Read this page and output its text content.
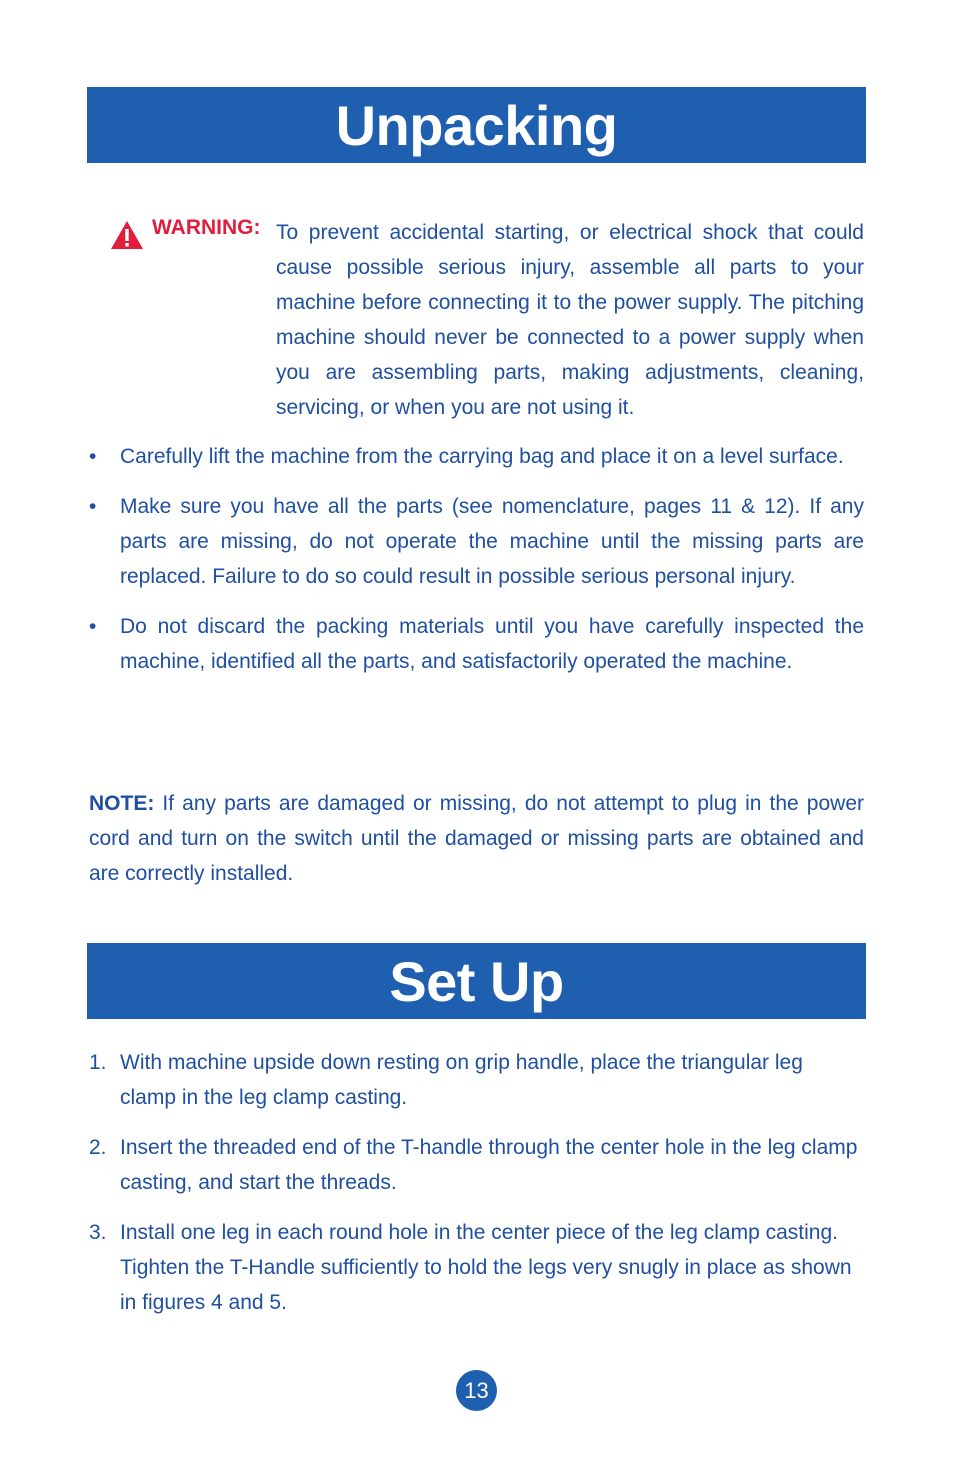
Unpacking
WARNING: To prevent accidental starting, or electrical shock that could cause possible serious injury, assemble all parts to your machine before connecting it to the power supply. The pitching machine should never be connected to a power supply when you are assembling parts, making adjustments, cleaning, servicing, or when you are not using it.
• Carefully lift the machine from the carrying bag and place it on a level surface.
• Make sure you have all the parts (see nomenclature, pages 11 & 12). If any parts are missing, do not operate the machine until the missing parts are replaced. Failure to do so could result in possible serious personal injury.
• Do not discard the packing materials until you have carefully inspected the machine, identified all the parts, and satisfactorily operated the machine.

NOTE: If any parts are damaged or missing, do not attempt to plug in the power cord and turn on the switch until the damaged or missing parts are obtained and are correctly installed.

Set Up
1. With machine upside down resting on grip handle, place the triangular leg clamp in the leg clamp casting.
2. Insert the threaded end of the T-handle through the center hole in the leg clamp casting, and start the threads.
3. Install one leg in each round hole in the center piece of the leg clamp casting. Tighten the T-Handle sufficiently to hold the legs very snugly in place as shown in figures 4 and 5.
13
